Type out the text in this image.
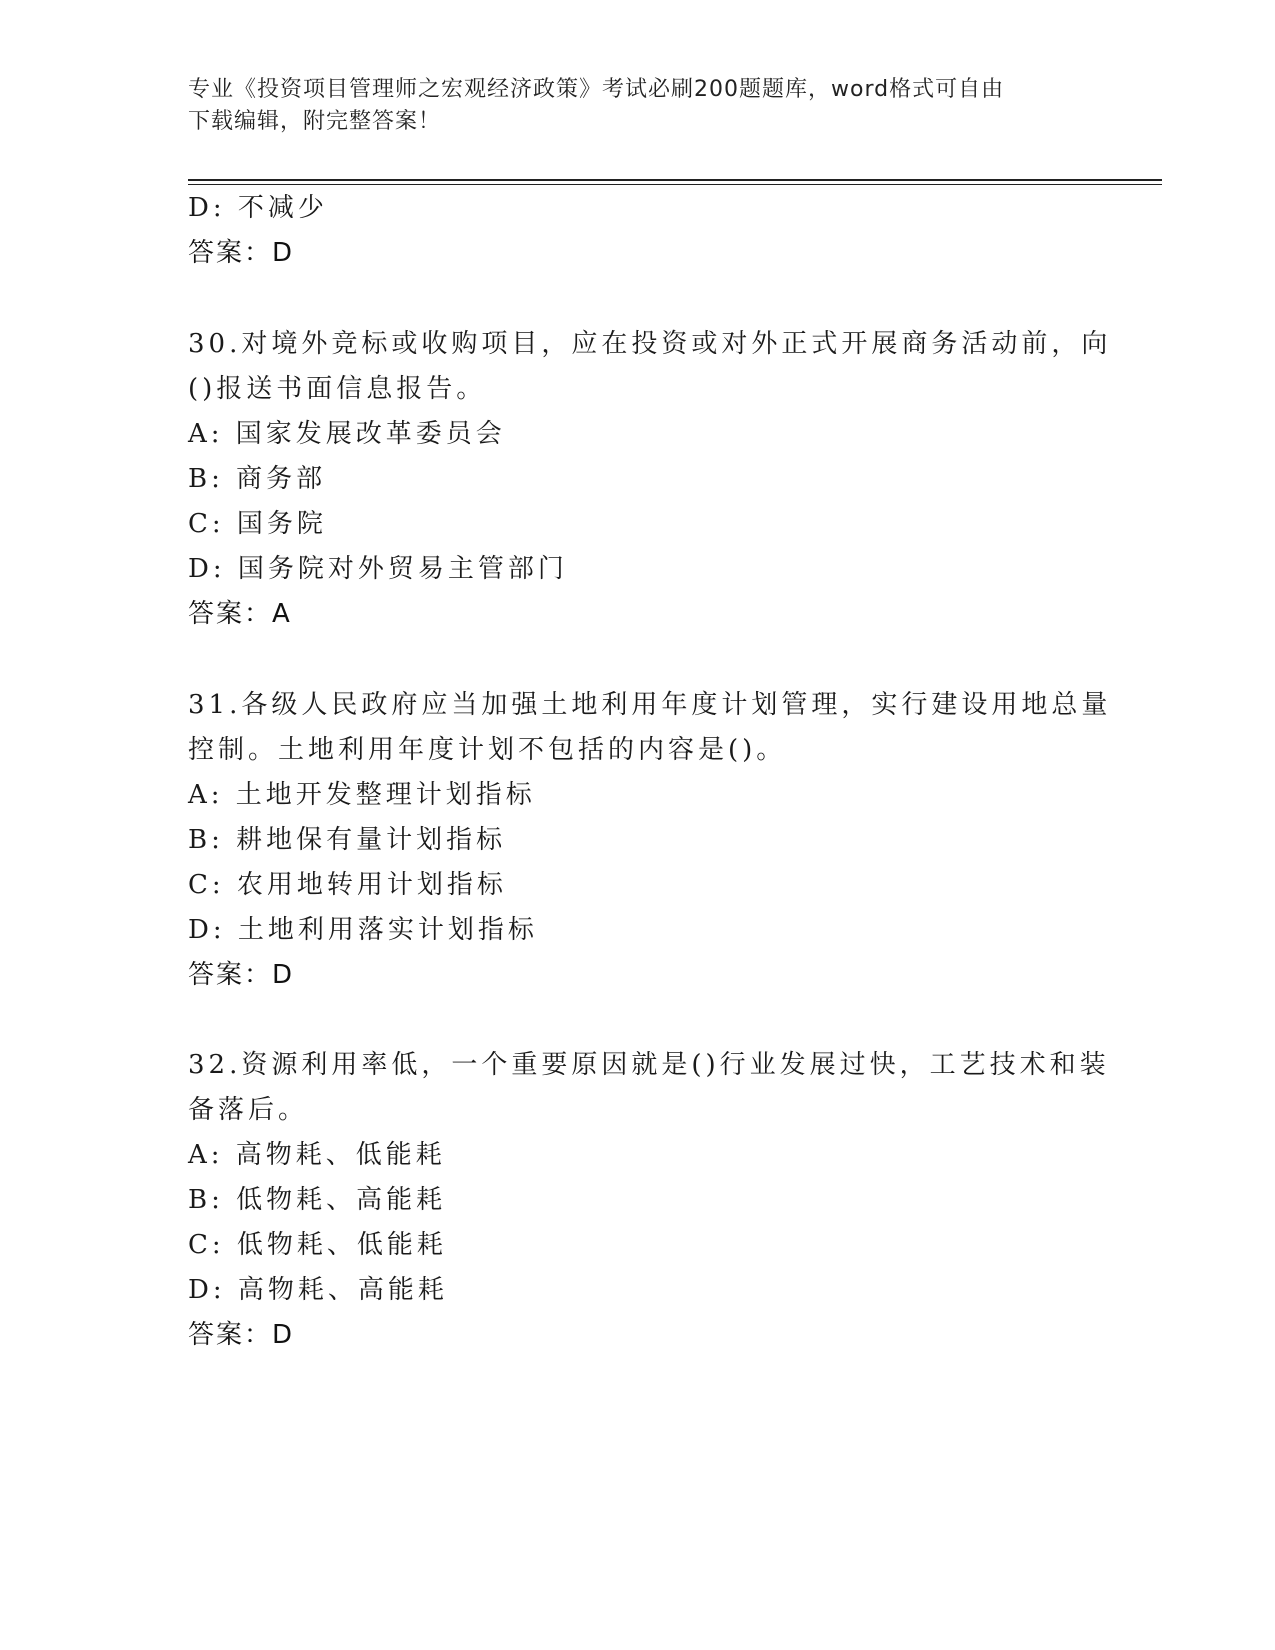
专业《投资项目管理师之宏观经济政策》考试必刷200题题库，word格式可自由
下载编辑，附完整答案！
D: 不减少
答案：D
30.对境外竞标或收购项目，应在投资或对外正式开展商务活动前，向
()报送书面信息报告。
A: 国家发展改革委员会
B: 商务部
C: 国务院
D: 国务院对外贸易主管部门
答案：A
31.各级人民政府应当加强土地利用年度计划管理，实行建设用地总量
控制。土地利用年度计划不包括的内容是()。
A: 土地开发整理计划指标
B: 耕地保有量计划指标
C: 农用地转用计划指标
D: 土地利用落实计划指标
答案：D
32.资源利用率低，一个重要原因就是()行业发展过快，工艺技术和装
备落后。
A: 高物耗、低能耗
B: 低物耗、高能耗
C: 低物耗、低能耗
D: 高物耗、高能耗
答案：D
